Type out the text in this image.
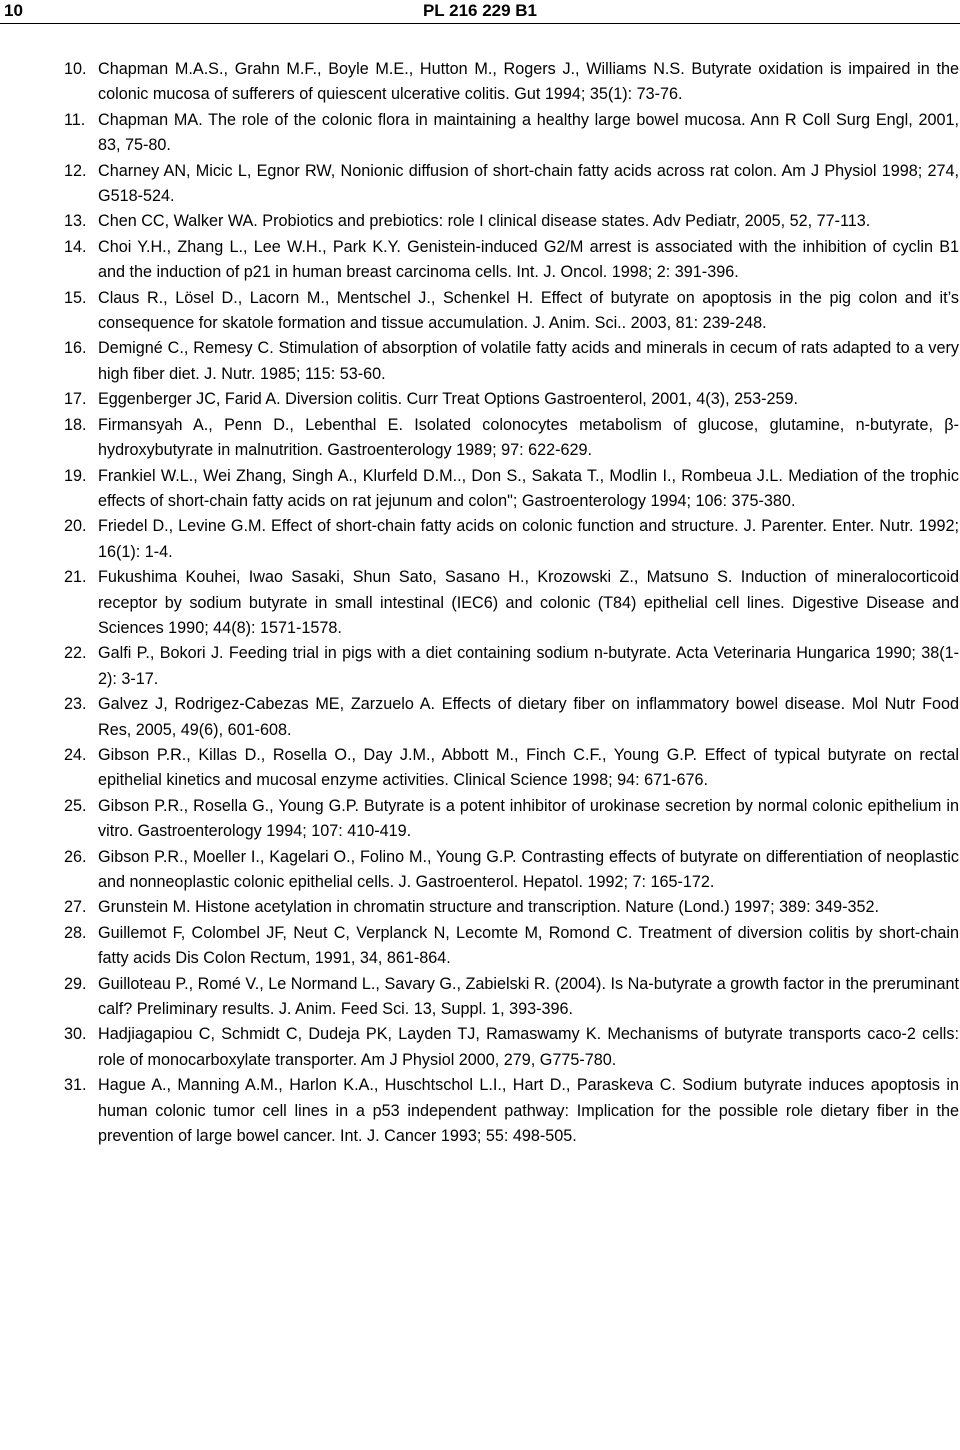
10	PL 216 229 B1
10. Chapman M.A.S., Grahn M.F., Boyle M.E., Hutton M., Rogers J., Williams N.S. Butyrate oxidation is impaired in the colonic mucosa of sufferers of quiescent ulcerative colitis. Gut 1994; 35(1): 73-76.
11. Chapman MA. The role of the colonic flora in maintaining a healthy large bowel mucosa. Ann R Coll Surg Engl, 2001, 83, 75-80.
12. Charney AN, Micic L, Egnor RW, Nonionic diffusion of short-chain fatty acids across rat colon. Am J Physiol 1998; 274, G518-524.
13. Chen CC, Walker WA. Probiotics and prebiotics: role I clinical disease states. Adv Pediatr, 2005, 52, 77-113.
14. Choi Y.H., Zhang L., Lee W.H., Park K.Y. Genistein-induced G2/M arrest is associated with the inhibition of cyclin B1 and the induction of p21 in human breast carcinoma cells. Int. J. Oncol. 1998; 2: 391-396.
15. Claus R., Lösel D., Lacorn M., Mentschel J., Schenkel H. Effect of butyrate on apoptosis in the pig colon and it’s consequence for skatole formation and tissue accumulation. J. Anim. Sci.. 2003, 81: 239-248.
16. Demigné C., Remesy C. Stimulation of absorption of volatile fatty acids and minerals in cecum of rats adapted to a very high fiber diet. J. Nutr. 1985; 115: 53-60.
17. Eggenberger JC, Farid A. Diversion colitis. Curr Treat Options Gastroenterol, 2001, 4(3), 253-259.
18. Firmansyah A., Penn D., Lebenthal E. Isolated colonocytes metabolism of glucose, glutamine, n-butyrate, β-hydroxybutyrate in malnutrition. Gastroenterology 1989; 97: 622-629.
19. Frankiel W.L., Wei Zhang, Singh A., Klurfeld D.M.., Don S., Sakata T., Modlin I., Rombeua J.L. Mediation of the trophic effects of short-chain fatty acids on rat jejunum and colon"; Gastroenterology 1994; 106: 375-380.
20. Friedel D., Levine G.M. Effect of short-chain fatty acids on colonic function and structure. J. Parenter. Enter. Nutr. 1992; 16(1): 1-4.
21. Fukushima Kouhei, Iwao Sasaki, Shun Sato, Sasano H., Krozowski Z., Matsuno S. Induction of mineralocorticoid receptor by sodium butyrate in small intestinal (IEC6) and colonic (T84) epithelial cell lines. Digestive Disease and Sciences 1990; 44(8): 1571-1578.
22. Galfi P., Bokori J. Feeding trial in pigs with a diet containing sodium n-butyrate. Acta Veterinaria Hungarica 1990; 38(1-2): 3-17.
23. Galvez J, Rodrigez-Cabezas ME, Zarzuelo A. Effects of dietary fiber on inflammatory bowel disease. Mol Nutr Food Res, 2005, 49(6), 601-608.
24. Gibson P.R., Killas D., Rosella O., Day J.M., Abbott M., Finch C.F., Young G.P. Effect of typical butyrate on rectal epithelial kinetics and mucosal enzyme activities. Clinical Science 1998; 94: 671-676.
25. Gibson P.R., Rosella G., Young G.P. Butyrate is a potent inhibitor of urokinase secretion by normal colonic epithelium in vitro. Gastroenterology 1994; 107: 410-419.
26. Gibson P.R., Moeller I., Kagelari O., Folino M., Young G.P. Contrasting effects of butyrate on differentiation of neoplastic and nonneoplastic colonic epithelial cells. J. Gastroenterol. Hepatol. 1992; 7: 165-172.
27. Grunstein M. Histone acetylation in chromatin structure and transcription. Nature (Lond.) 1997; 389: 349-352.
28. Guillemot F, Colombel JF, Neut C, Verplanck N, Lecomte M, Romond C. Treatment of diversion colitis by short-chain fatty acids Dis Colon Rectum, 1991, 34, 861-864.
29. Guilloteau P., Romé V., Le Normand L., Savary G., Zabielski R. (2004). Is Na-butyrate a growth factor in the preruminant calf? Preliminary results. J. Anim. Feed Sci. 13, Suppl. 1, 393-396.
30. Hadjiagapiou C, Schmidt C, Dudeja PK, Layden TJ, Ramaswamy K. Mechanisms of butyrate transports caco-2 cells: role of monocarboxylate transporter. Am J Physiol 2000, 279, G775-780.
31. Hague A., Manning A.M., Harlon K.A., Huschtschol L.I., Hart D., Paraskeva C. Sodium butyrate induces apoptosis in human colonic tumor cell lines in a p53 independent pathway: Implication for the possible role dietary fiber in the prevention of large bowel cancer. Int. J. Cancer 1993; 55: 498-505.
